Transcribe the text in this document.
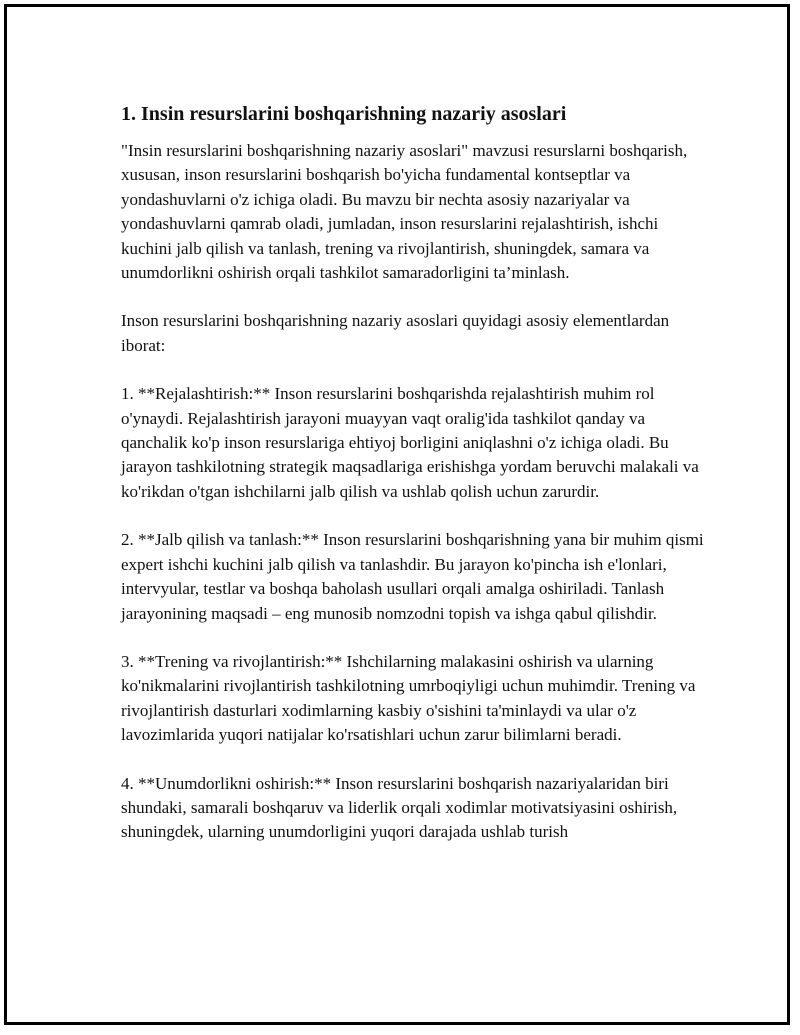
1. Insin resurslarini boshqarishning nazariy asoslari

"Insin resurslarini boshqarishning nazariy asoslari" mavzusi resurslarni boshqarish, xususan, inson resurslarini boshqarish bo'yicha fundamental kontseptlar va yondashuvlarni o'z ichiga oladi. Bu mavzu bir nechta asosiy nazariyalar va yondashuvlarni qamrab oladi, jumladan, inson resurslarini rejalashtirish, ishchi kuchini jalb qilish va tanlash, trening va rivojlantirish, shuningdek, samara va unumdorlikni oshirish orqali tashkilot samaradorligini ta’minlash.

Inson resurslarini boshqarishning nazariy asoslari quyidagi asosiy elementlardan iborat:

1. **Rejalashtirish:** Inson resurslarini boshqarishda rejalashtirish muhim rol o'ynaydi. Rejalashtirish jarayoni muayyan vaqt oralig'ida tashkilot qanday va qanchalik ko'p inson resurslariga ehtiyoj borligini aniqlashni o'z ichiga oladi. Bu jarayon tashkilotning strategik maqsadlariga erishishga yordam beruvchi malakali va ko'rikdan o'tgan ishchilarni jalb qilish va ushlab qolish uchun zarurdir.

2. **Jalb qilish va tanlash:** Inson resurslarini boshqarishning yana bir muhim qismi expert ishchi kuchini jalb qilish va tanlashdir. Bu jarayon ko'pincha ish e'lonlari, intervyular, testlar va boshqa baholash usullari orqali amalga oshiriladi. Tanlash jarayonining maqsadi – eng munosib nomzodni topish va ishga qabul qilishdir.

3. **Trening va rivojlantirish:** Ishchilarning malakasini oshirish va ularning ko'nikmalarini rivojlantirish tashkilotning umrboqiyligi uchun muhimdir. Trening va rivojlantirish dasturlari xodimlarning kasbiy o'sishini ta'minlaydi va ular o'z lavozimlarida yuqori natijalar ko'rsatishlari uchun zarur bilimlarni beradi.

4. **Unumdorlikni oshirish:** Inson resurslarini boshqarish nazariyalaridan biri shundaki, samarali boshqaruv va liderlik orqali xodimlar motivatsiyasini oshirish, shuningdek, ularning unumdorligini yuqori darajada ushlab turish
